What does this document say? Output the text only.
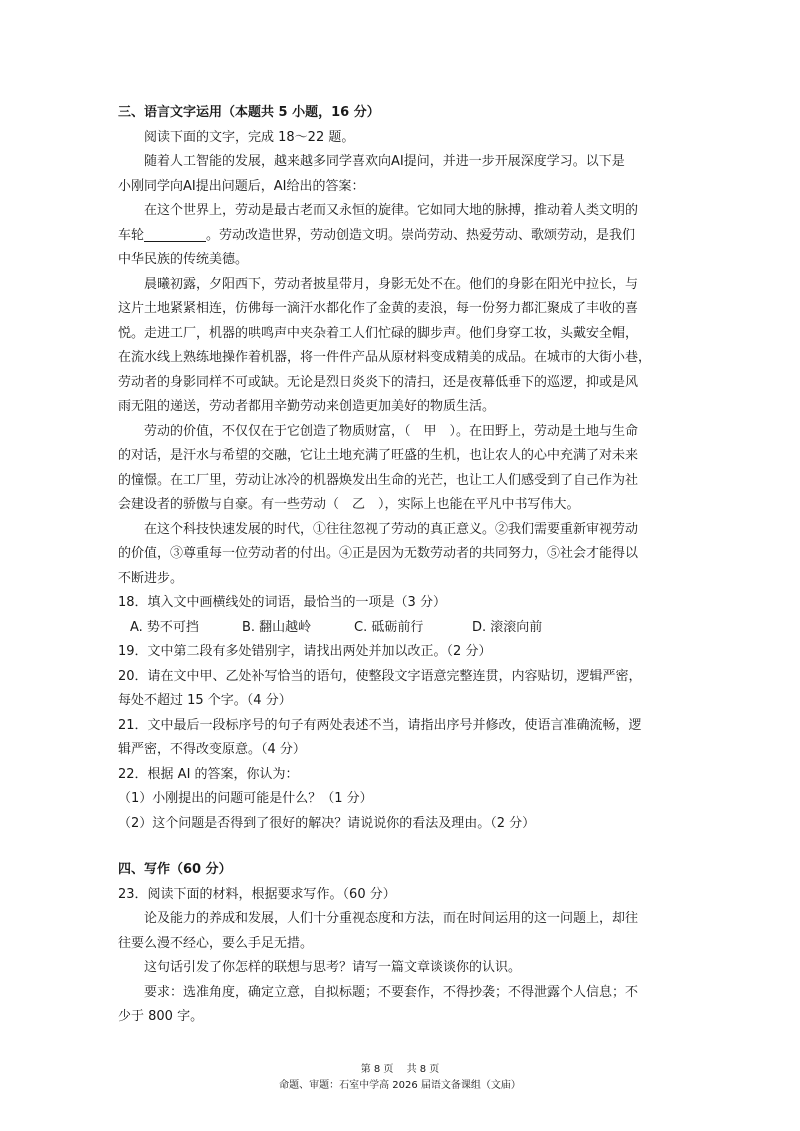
三、语言文字运用（本题共 5 小题，16 分）

阅读下面的文字，完成 18～22 题。

随着人工智能的发展，越来越多同学喜欢向AI提问，并进一步开展深度学习。以下是

小刚同学向AI提出问题后，AI给出的答案：

在这个世界上，劳动是最古老而又永恒的旋律。它如同大地的脉搏，推动着人类文明的

车轮	。劳动改造世界，劳动创造文明。崇尚劳动、热爱劳动、歌颂劳动，是我们

中华民族的传统美德。

晨曦初露，夕阳西下，劳动者披星带月，身影无处不在。他们的身影在阳光中拉长，与

这片土地紧紧相连，仿佛每一滴汗水都化作了金黄的麦浪，每一份努力都汇聚成了丰收的喜

悦。走进工厂，机器的哄鸣声中夹杂着工人们忙碌的脚步声。他们身穿工妆，头戴安全帽，

在流水线上熟练地操作着机器，将一件件产品从原材料变成精美的成品。在城市的大街小巷，

劳动者的身影同样不可或缺。无论是烈日炎炎下的清扫，还是夜幕低垂下的巡逻，抑或是风

雨无阻的递送，劳动者都用辛勤劳动来创造更加美好的物质生活。

劳动的价值，不仅仅在于它创造了物质财富，（　甲　）。在田野上，劳动是土地与生命

的对话，是汗水与希望的交融，它让土地充满了旺盛的生机，也让农人的心中充满了对未来

的憧憬。在工厂里，劳动让冰冷的机器焕发出生命的光芒，也让工人们感受到了自己作为社

会建设者的骄傲与自豪。有一些劳动（　乙　），实际上也能在平凡中书写伟大。

在这个科技快速发展的时代，①往往忽视了劳动的真正意义。②我们需要重新审视劳动

的价值，③尊重每一位劳动者的付出。④正是因为无数劳动者的共同努力，⑤社会才能得以

不断进步。

18．填入文中画横线处的词语，最恰当的一项是（3 分）

A. 势不可挡	B. 翻山越岭	C. 砥砺前行	D. 滚滚向前

19．文中第二段有多处错别字，请找出两处并加以改正。（2 分）

20．请在文中甲、乙处补写恰当的语句，使整段文字语意完整连贯，内容贴切，逻辑严密，

每处不超过 15 个字。（4 分）

21．文中最后一段标序号的句子有两处表述不当，请指出序号并修改，使语言准确流畅，逻

辑严密，不得改变原意。（4 分）

22．根据 AI 的答案，你认为：

（1）小刚提出的问题可能是什么？（1 分）

（2）这个问题是否得到了很好的解决？请说说你的看法及理由。（2 分）

四、写作（60 分）

23．阅读下面的材料，根据要求写作。（60 分）

论及能力的养成和发展，人们十分重视态度和方法，而在时间运用的这一问题上，却往

往要么漫不经心，要么手足无措。

这句话引发了你怎样的联想与思考？请写一篇文章谈谈你的认识。

要求：选准角度，确定立意，自拟标题；不要套作，不得抄袭；不得泄露个人信息；不

少于 800 字。

第 8 页　 共 8 页
命题、审题：石室中学高 2026 届语文备课组（文庙）
